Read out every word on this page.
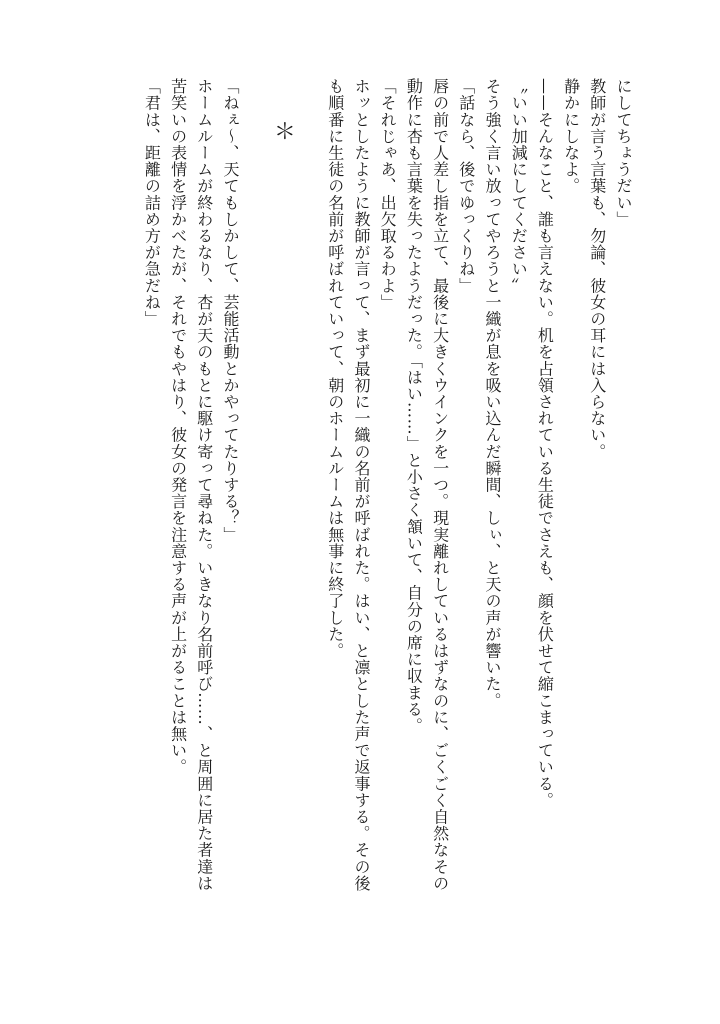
にしてちょうだい」
教師が言う言葉も、勿論、彼女の耳には入らない。
静かにしなよ。
——そんなこと、誰も言えない。机を占領されている生徒でさえも、顔を伏せて縮こまっている。
〝いい加減にしてください〟
そう強く言い放ってやろうと一織が息を吸い込んだ瞬間、しぃ、と天の声が響いた。
「話なら、後でゆっくりね」
唇の前で人差し指を立て、最後に大きくウインクを一つ。現実離れしているはずなのに、ごくごく自然なその
動作に杏も言葉を失ったようだった。「はい……」と小さく頷いて、自分の席に収まる。
「それじゃあ、出欠取るわよ」
ホッとしたように教師が言って、まず最初に一織の名前が呼ばれた。はい、と凛とした声で返事する。その後
も順番に生徒の名前が呼ばれていって、朝のホームルームは無事に終了した。
＊
「ねぇ〜、天てもしかして、芸能活動とかやってたりする？」
ホームルームが終わるなり、杏が天のもとに駆け寄って尋ねた。いきなり名前呼び……、と周囲に居た者達は
苦笑いの表情を浮かべたが、それでもやはり、彼女の発言を注意する声が上がることは無い。
「君は、距離の詰め方が急だね」
